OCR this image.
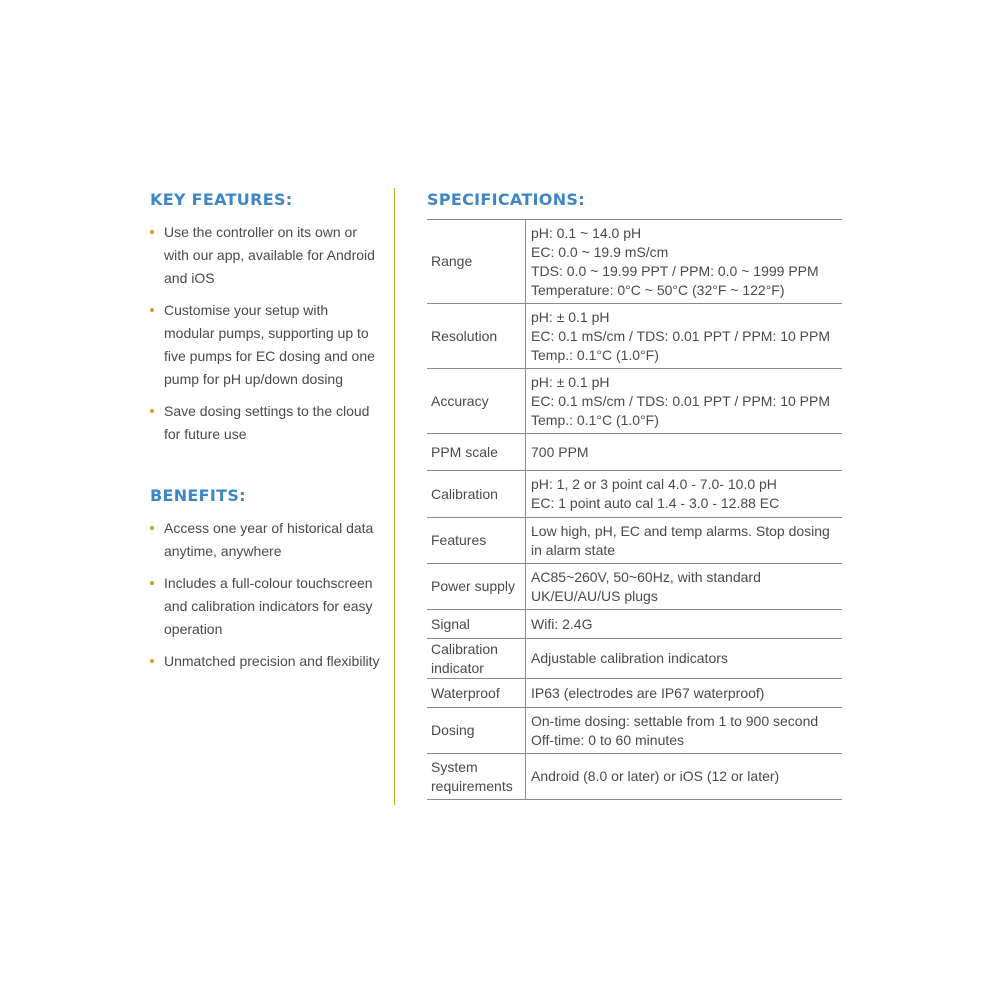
KEY FEATURES:
Use the controller on its own or with our app, available for Android and iOS
Customise your setup with modular pumps, supporting up to five pumps for EC dosing and one pump for pH up/down dosing
Save dosing settings to the cloud for future use
BENEFITS:
Access one year of historical data anytime, anywhere
Includes a full-colour touchscreen and calibration indicators for easy operation
Unmatched precision and flexibility
SPECIFICATIONS:
Range	pH: 0.1 ~ 14.0 pH
EC: 0.0 ~ 19.9 mS/cm
TDS: 0.0 ~ 19.99 PPT / PPM: 0.0 ~ 1999 PPM
Temperature: 0°C ~ 50°C (32°F ~ 122°F)

Resolution	pH: ± 0.1 pH
EC: 0.1 mS/cm / TDS: 0.01 PPT / PPM: 10 PPM
Temp.: 0.1°C (1.0°F)

Accuracy	pH: ± 0.1 pH
EC: 0.1 mS/cm / TDS: 0.01 PPT / PPM: 10 PPM
Temp.: 0.1°C (1.0°F)

PPM scale	700 PPM

Calibration	pH: 1, 2 or 3 point cal 4.0 - 7.0- 10.0 pH
EC: 1 point auto cal 1.4 - 3.0 - 12.88 EC

Features	Low high, pH, EC and temp alarms. Stop dosing
in alarm state

Power supply	AC85~260V, 50~60Hz, with standard
UK/EU/AU/US plugs

Signal	Wifi: 2.4G

Calibration indicator	Adjustable calibration indicators

Waterproof	IP63 (electrodes are IP67 waterproof)

Dosing	On-time dosing: settable from 1 to 900 second
Off-time: 0 to 60 minutes

System requirements	Android (8.0 or later) or iOS (12 or later)
